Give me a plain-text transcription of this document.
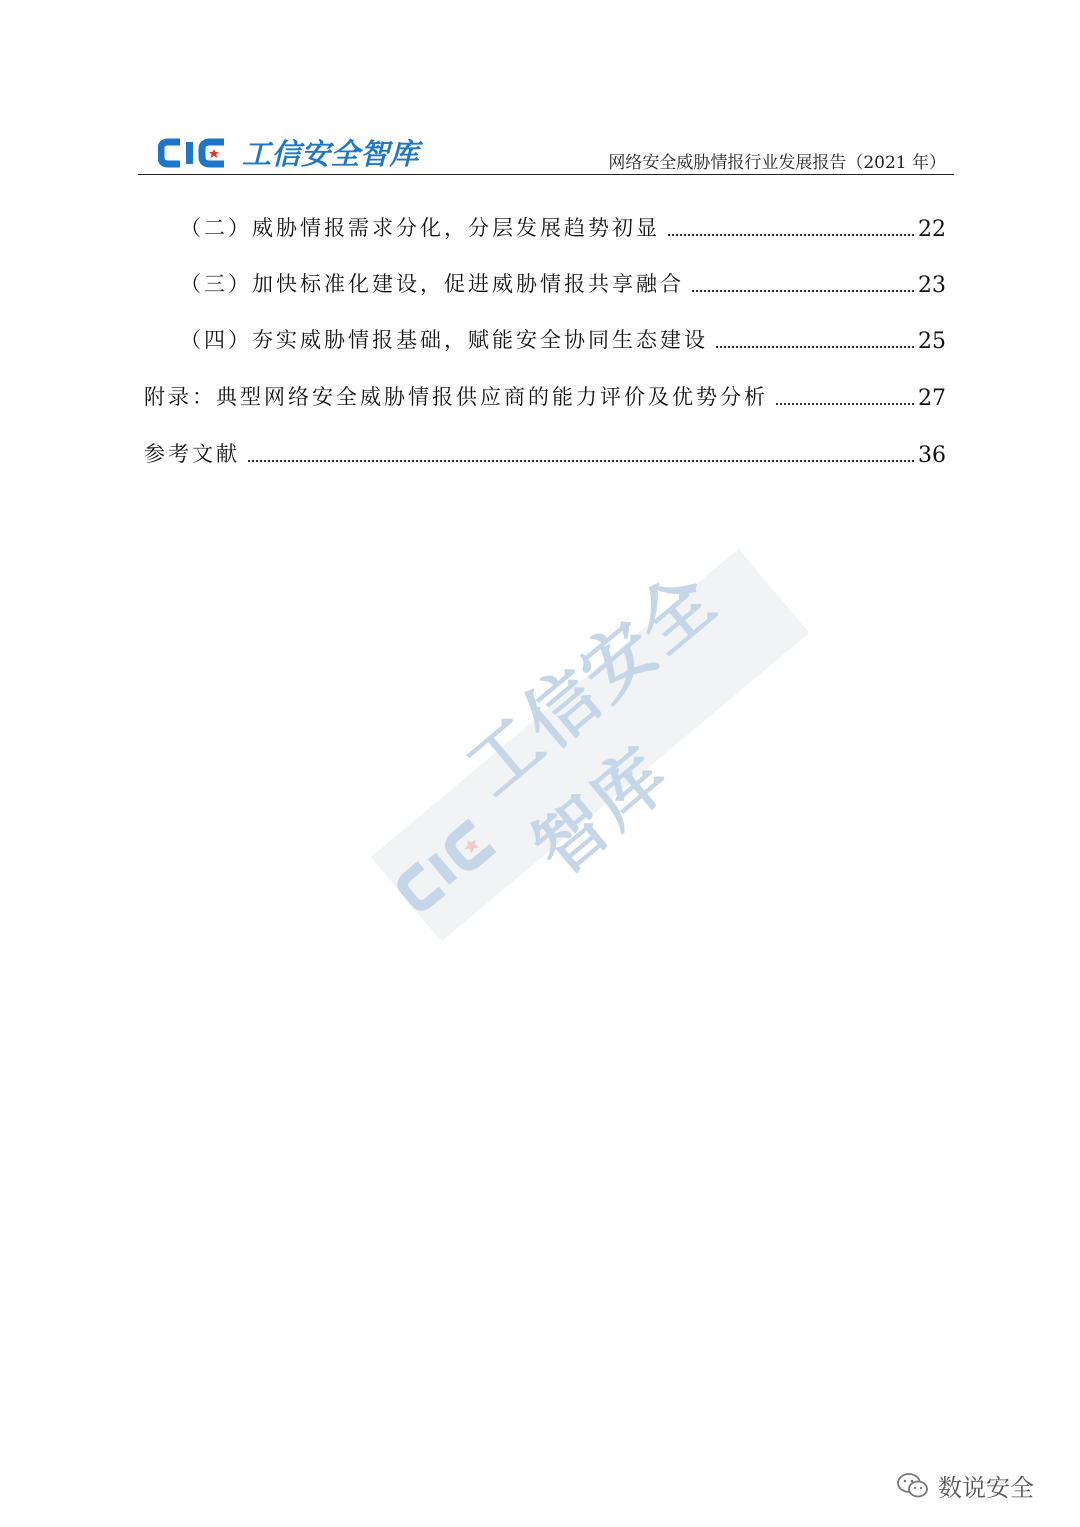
工信安全智库	网络安全威胁情报行业发展报告（2021 年）
（二）威胁情报需求分化，分层发展趋势初显	22
（三）加快标准化建设，促进威胁情报共享融合	23
（四）夯实威胁情报基础，赋能安全协同生态建设	25
附录：典型网络安全威胁情报供应商的能力评价及优势分析	27
参考文献	36
工信安全智库
数说安全
